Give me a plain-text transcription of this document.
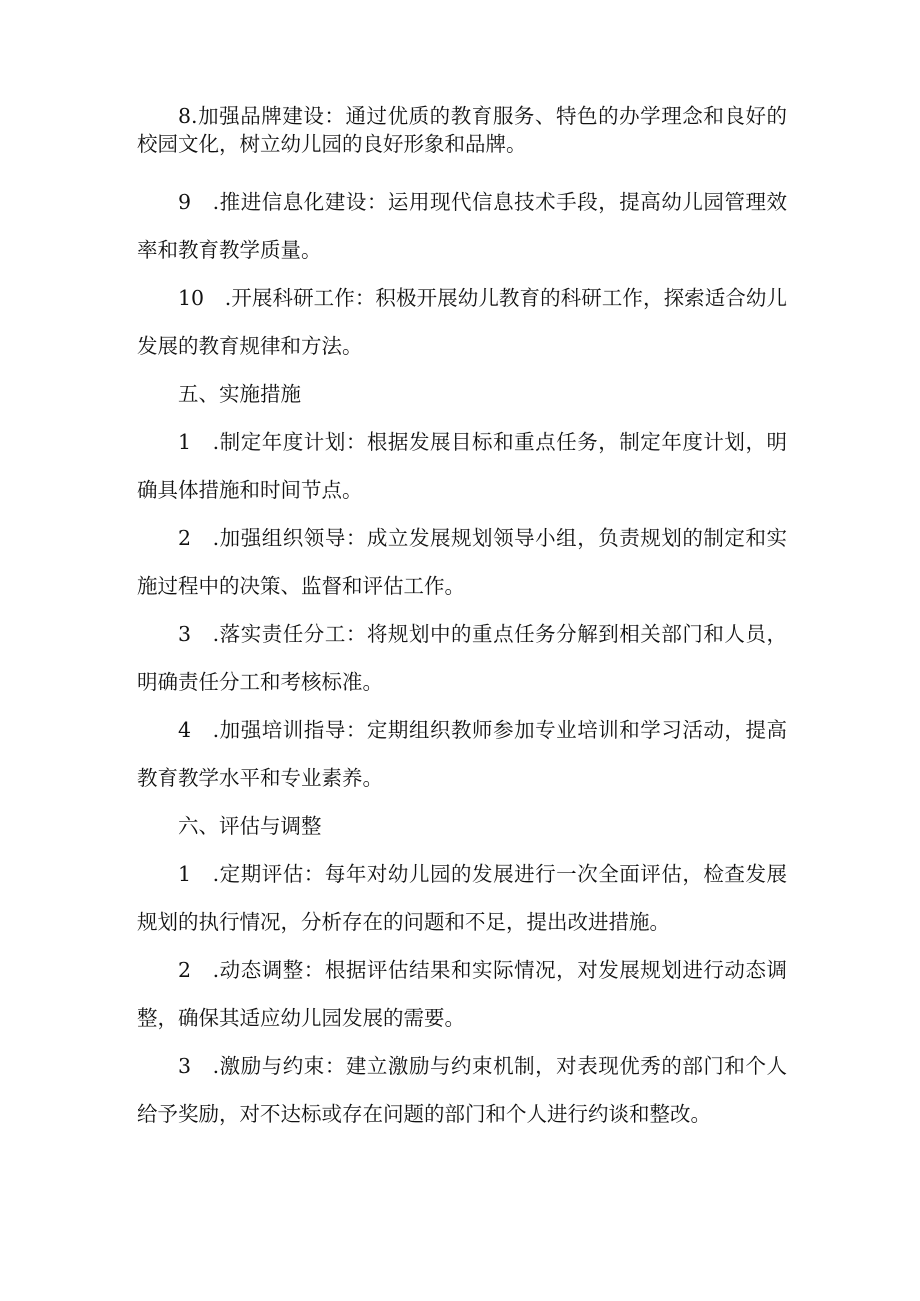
8.加强品牌建设：通过优质的教育服务、特色的办学理念和良好的校园文化，树立幼儿园的良好形象和品牌。

9　.推进信息化建设：运用现代信息技术手段，提高幼儿园管理效率和教育教学质量。

10　.开展科研工作：积极开展幼儿教育的科研工作，探索适合幼儿发展的教育规律和方法。

五、实施措施

1　.制定年度计划：根据发展目标和重点任务，制定年度计划，明确具体措施和时间节点。

2　.加强组织领导：成立发展规划领导小组，负责规划的制定和实施过程中的决策、监督和评估工作。

3　.落实责任分工：将规划中的重点任务分解到相关部门和人员，明确责任分工和考核标准。

4　.加强培训指导：定期组织教师参加专业培训和学习活动，提高教育教学水平和专业素养。

六、评估与调整

1　.定期评估：每年对幼儿园的发展进行一次全面评估，检查发展规划的执行情况，分析存在的问题和不足，提出改进措施。

2　.动态调整：根据评估结果和实际情况，对发展规划进行动态调整，确保其适应幼儿园发展的需要。

3　.激励与约束：建立激励与约束机制，对表现优秀的部门和个人给予奖励，对不达标或存在问题的部门和个人进行约谈和整改。
